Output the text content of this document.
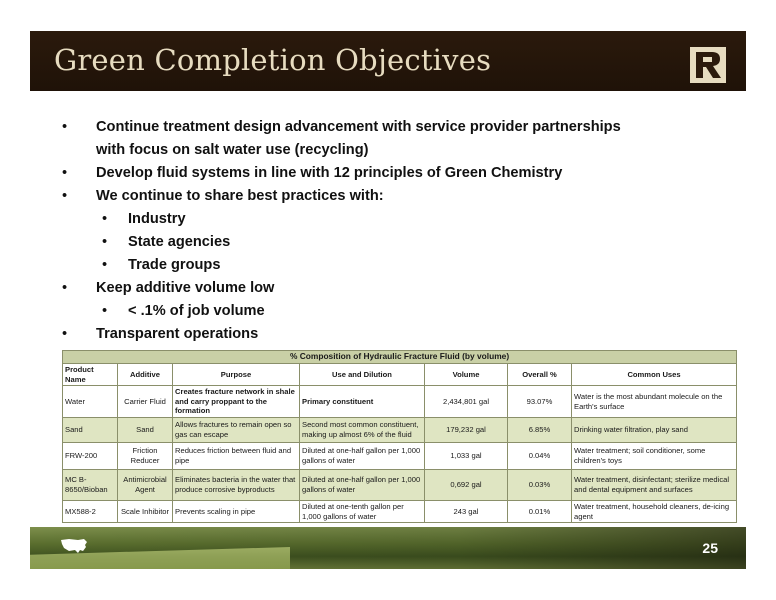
Green Completion Objectives
• Continue treatment design advancement with service provider partnerships
with focus on salt water use (recycling)
• Develop fluid systems in line with 12 principles of Green Chemistry
• We continue to share best practices with:
• Industry
• State agencies
• Trade groups
• Keep additive volume low
• < .1% of job volume
• Transparent operations
% Composition of Hydraulic Fracture Fluid (by volume)						
Product Name	Additive	Purpose	Use and Dilution	Volume	Overall %	Common Uses
Water	Carrier Fluid	Creates fracture network in shale and carry proppant to the formation	Primary constituent	2,434,801 gal	93.07%	Water is the most abundant molecule on the Earth's surface
Sand	Sand	Allows fractures to remain open so gas can escape	Second most common constituent, making up almost 6% of the fluid	179,232 gal	6.85%	Drinking water filtration, play sand
FRW-200	Friction Reducer	Reduces friction between fluid and pipe	Diluted at one-half gallon per 1,000 gallons of water	1,033 gal	0.04%	Water treatment; soil conditioner, some children's toys
MC B-8650/Bioban	Antimicrobial Agent	Eliminates bacteria in the water that produce corrosive byproducts	Diluted at one-half gallon per 1,000 gallons of water	0,692 gal	0.03%	Water treatment, disinfectant; sterilize medical and dental equipment and surfaces
MX588-2	Scale Inhibitor	Prevents scaling in pipe	Diluted at one-tenth gallon per 1,000 gallons of water	243 gal	0.01%	Water treatment, household cleaners, de-icing agent
25
